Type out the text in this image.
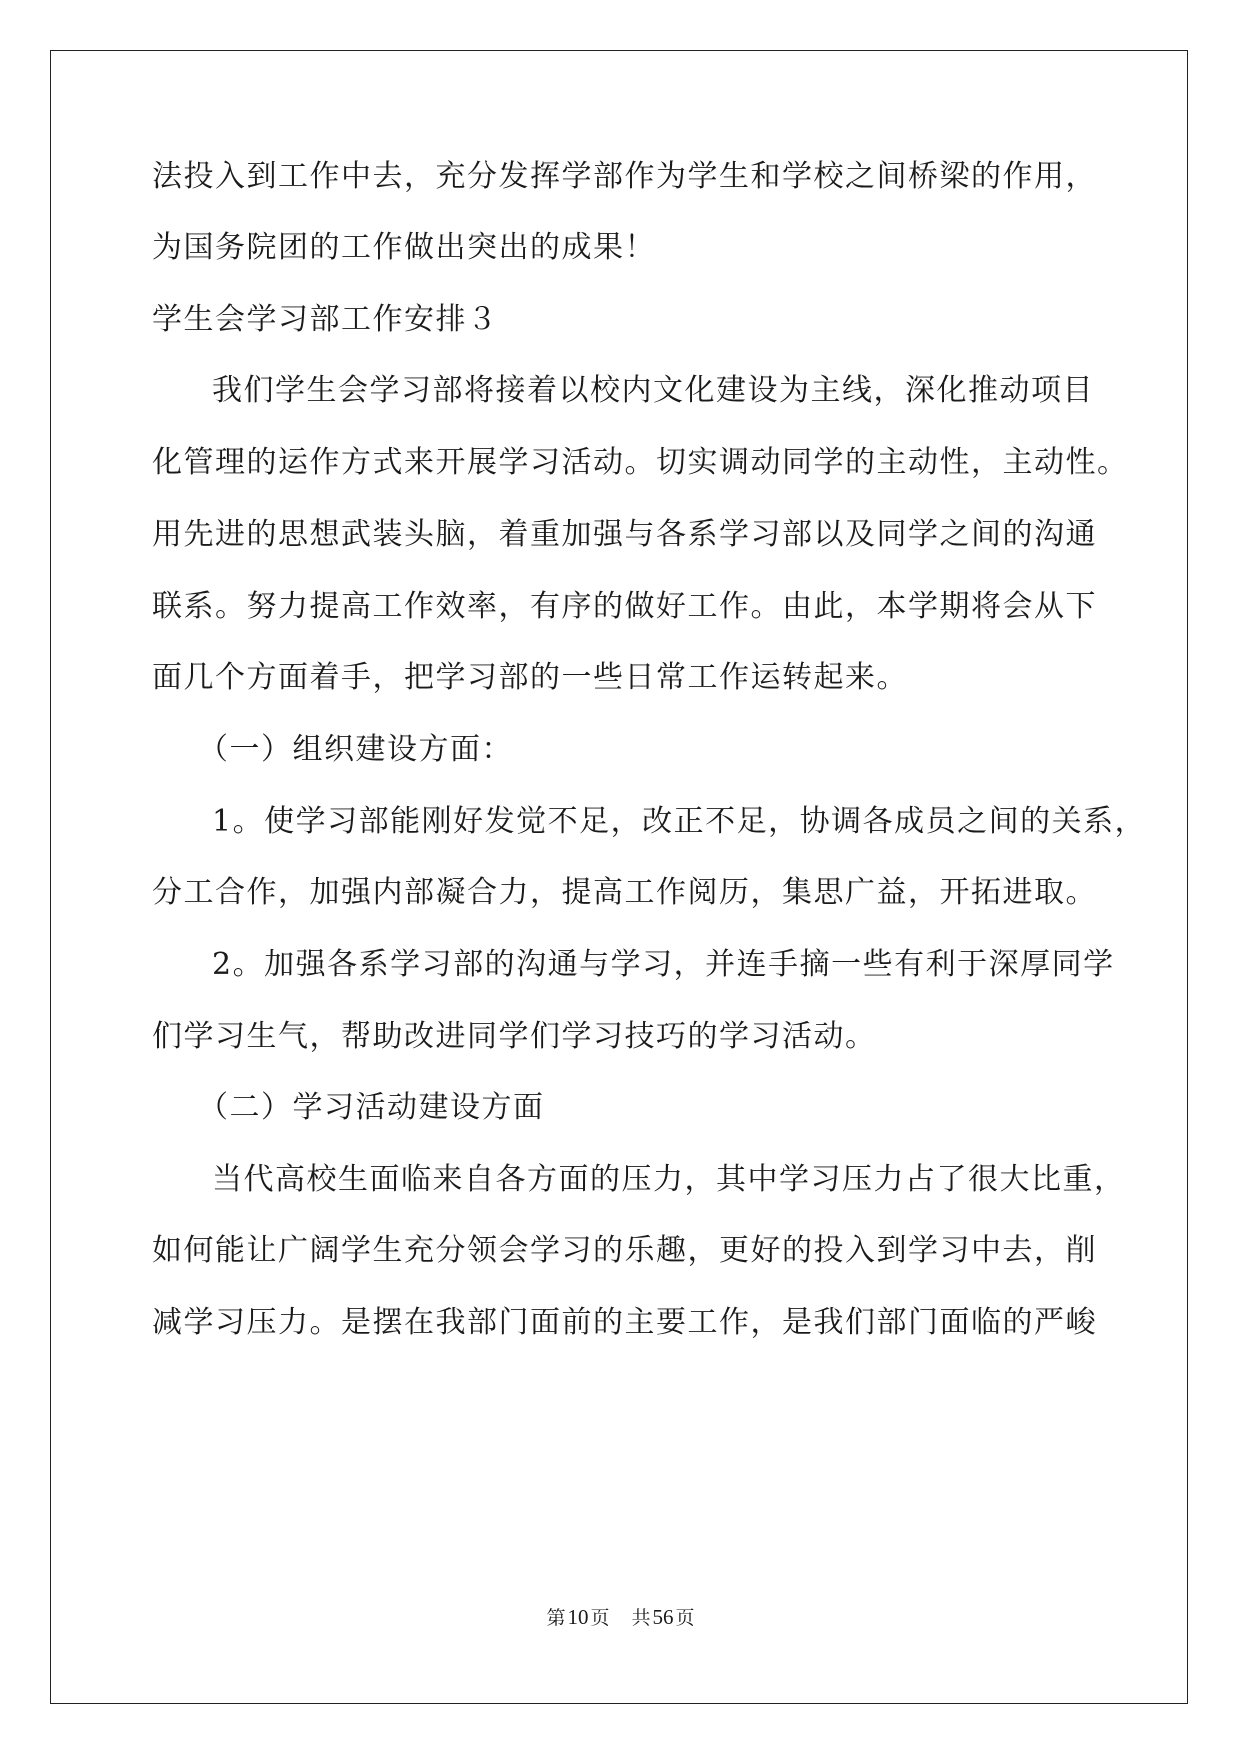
法投入到工作中去，充分发挥学部作为学生和学校之间桥梁的作用，
为国务院团的工作做出突出的成果！
学生会学习部工作安排３
我们学生会学习部将接着以校内文化建设为主线，深化推动项目
化管理的运作方式来开展学习活动。切实调动同学的主动性，主动性。
用先进的思想武装头脑，着重加强与各系学习部以及同学之间的沟通
联系。努力提高工作效率，有序的做好工作。由此，本学期将会从下
面几个方面着手，把学习部的一些日常工作运转起来。
（一）组织建设方面：
1。使学习部能刚好发觉不足，改正不足，协调各成员之间的关系，
分工合作，加强内部凝合力，提高工作阅历，集思广益，开拓进取。
2。加强各系学习部的沟通与学习，并连手摘一些有利于深厚同学
们学习生气，帮助改进同学们学习技巧的学习活动。
（二）学习活动建设方面
当代高校生面临来自各方面的压力，其中学习压力占了很大比重，
如何能让广阔学生充分领会学习的乐趣，更好的投入到学习中去，削
减学习压力。是摆在我部门面前的主要工作，是我们部门面临的严峻
第10 页 共56 页
